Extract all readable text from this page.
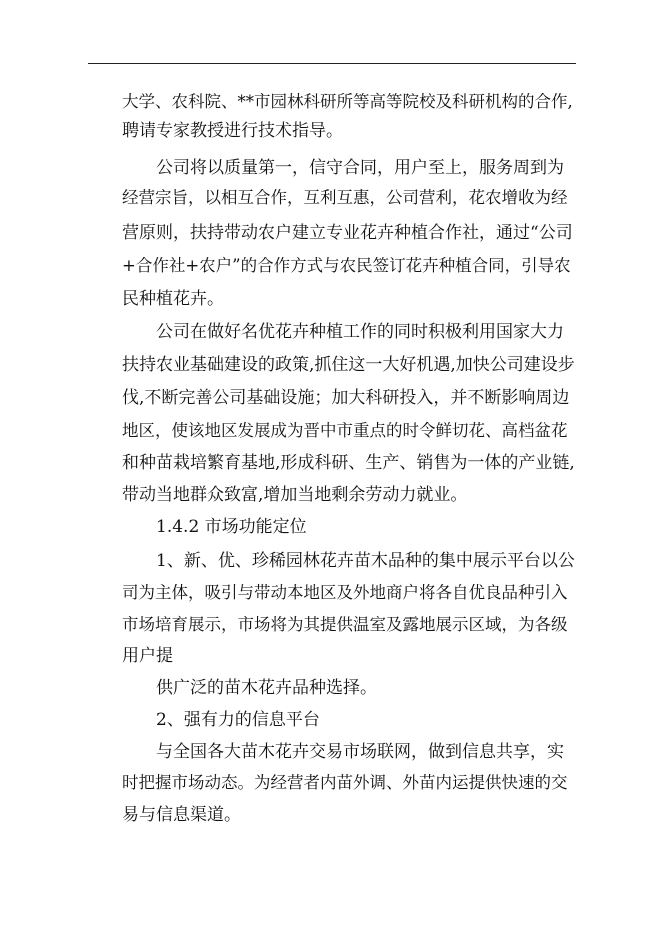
大学、农科院、**市园林科研所等高等院校及科研机构的合作,
聘请专家教授进行技术指导。
公司将以质量第一，信守合同，用户至上，服务周到为
经营宗旨，以相互合作，互利互惠，公司营利，花农增收为经
营原则，扶持带动农户建立专业花卉种植合作社，通过“公司
+合作社+农户”的合作方式与农民签订花卉种植合同，引导农
民种植花卉。
公司在做好名优花卉种植工作的同时积极利用国家大力
扶持农业基础建设的政策,抓住这一大好机遇,加快公司建设步
伐,不断完善公司基础设施；加大科研投入，并不断影响周边
地区，使该地区发展成为晋中市重点的时令鲜切花、高档盆花
和种苗栽培繁育基地,形成科研、生产、销售为一体的产业链,
带动当地群众致富,增加当地剩余劳动力就业。
1.4.2 市场功能定位
1、新、优、珍稀园林花卉苗木品种的集中展示平台以公
司为主体，吸引与带动本地区及外地商户将各自优良品种引入
市场培育展示，市场将为其提供温室及露地展示区域，为各级
用户提
供广泛的苗木花卉品种选择。
2、强有力的信息平台
与全国各大苗木花卉交易市场联网，做到信息共享，实
时把握市场动态。为经营者内苗外调、外苗内运提供快速的交
易与信息渠道。
